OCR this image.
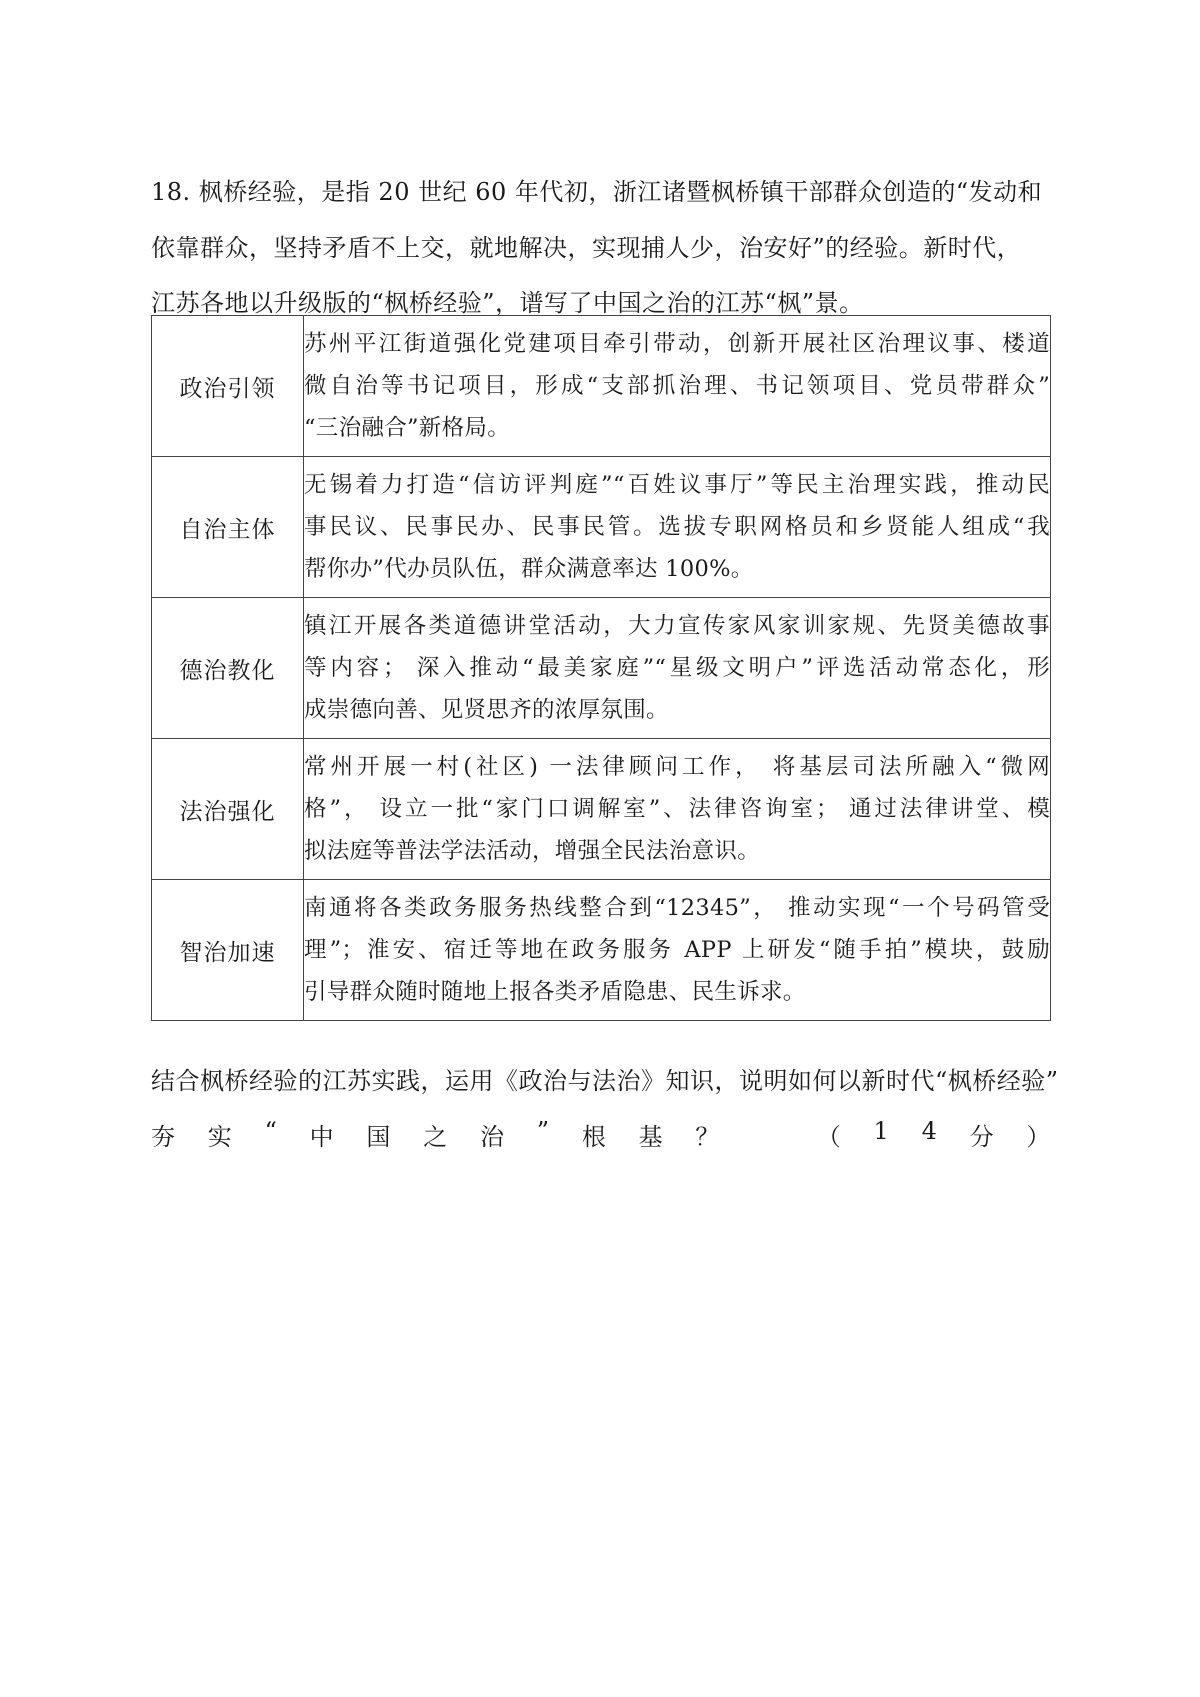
18. 枫桥经验，是指 20 世纪 60 年代初，浙江诸暨枫桥镇干部群众创造的“发动和
依靠群众，坚持矛盾不上交，就地解决，实现捕人少，治安好”的经验。新时代，
江苏各地以升级版的“枫桥经验”，谱写了中国之治的江苏“枫”景。
政治引领	苏州平江街道强化党建项目牵引带动，创新开展社区治理议事、楼道
微自治等书记项目，形成“支部抓治理、书记领项目、党员带群众”
“三治融合”新格局。

自治主体	无锡着力打造“信访评判庭”“百姓议事厅”等民主治理实践，推动民
事民议、民事民办、民事民管。选拔专职网格员和乡贤能人组成“我
帮你办”代办员队伍，群众满意率达 100%。

德治教化	镇江开展各类道德讲堂活动，大力宣传家风家训家规、先贤美德故事
等内容； 深入推动“最美家庭”“星级文明户”评选活动常态化，形
成崇德向善、见贤思齐的浓厚氛围。

法治强化	常州开展一村(社区) 一法律顾问工作， 将基层司法所融入“微网
格”， 设立一批“家门口调解室”、法律咨询室； 通过法律讲堂、模
拟法庭等普法学法活动，增强全民法治意识。

智治加速	南通将各类政务服务热线整合到“12345”， 推动实现“一个号码管受
理”；淮安、宿迁等地在政务服务 APP 上研发“随手拍”模块，鼓励
引导群众随时随地上报各类矛盾隐患、民生诉求。
结合枫桥经验的江苏实践，运用《政治与法治》知识，说明如何以新时代“枫桥经验”
夯 实 “ 中 国 之 治 ” 根 基 ？	（ 1 4 分 ）
